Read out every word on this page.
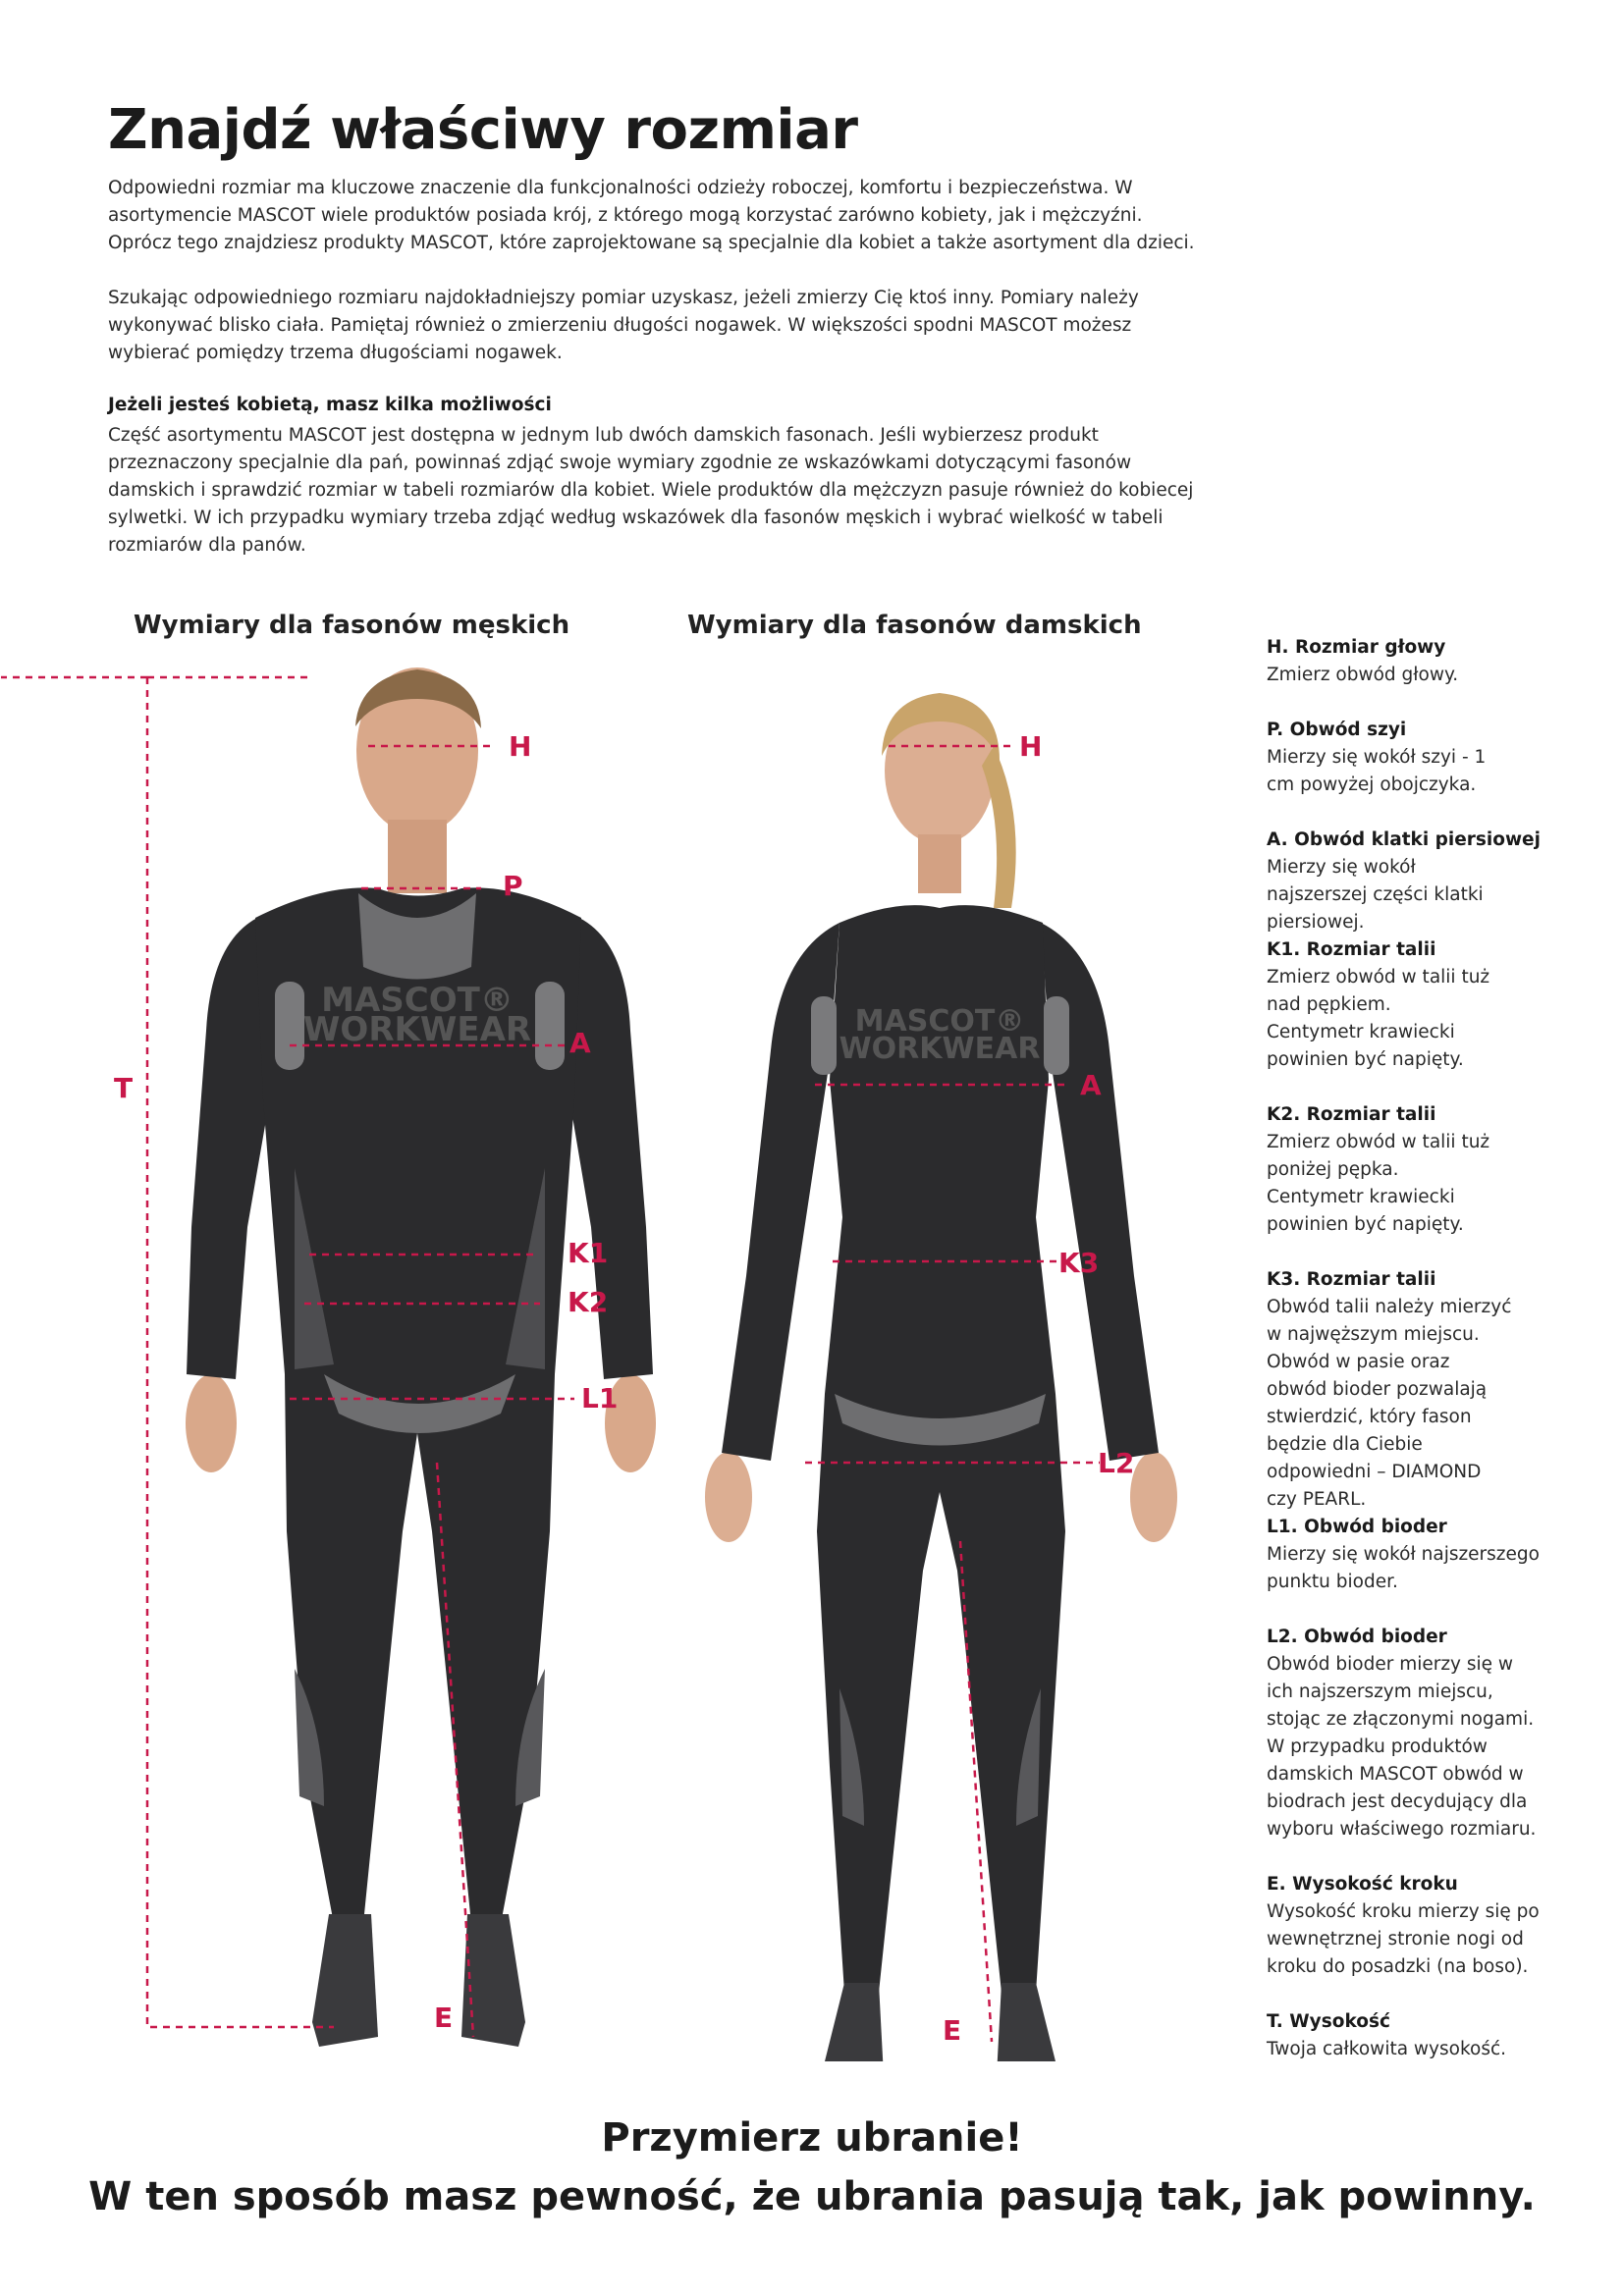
Znajdź właściwy rozmiar

Odpowiedni rozmiar ma kluczowe znaczenie dla funkcjonalności odzieży roboczej, komfortu i bezpieczeństwa. W asortymencie MASCOT wiele produktów posiada krój, z którego mogą korzystać zarówno kobiety, jak i mężczyźni. Oprócz tego znajdziesz produkty MASCOT, które zaprojektowane są specjalnie dla kobiet a także asortyment dla dzieci.

Szukając odpowiedniego rozmiaru najdokładniejszy pomiar uzyskasz, jeżeli zmierzy Cię ktoś inny. Pomiary należy wykonywać blisko ciała. Pamiętaj również o zmierzeniu długości nogawek. W większości spodni MASCOT możesz wybierać pomiędzy trzema długościami nogawek.

Jeżeli jesteś kobietą, masz kilka możliwości

Część asortymentu MASCOT jest dostępna w jednym lub dwóch damskich fasonach. Jeśli wybierzesz produkt przeznaczony specjalnie dla pań, powinnaś zdjąć swoje wymiary zgodnie ze wskazówkami dotyczącymi fasonów damskich i sprawdzić rozmiar w tabeli rozmiarów dla kobiet. Wiele produktów dla mężczyzn pasuje również do kobiecej sylwetki. W ich przypadku wymiary trzeba zdjąć według wskazówek dla fasonów męskich i wybrać wielkość w tabeli rozmiarów dla panów.

Wymiary dla fasonów męskich	Wymiary dla fasonów damskich
MASCOT®
WORKWEAR	MASCOT®
WORKWEAR
H
P
A
K1
K2
L1
E
T
H
A
K3
L2
E
H. Rozmiar głowy
Zmierz obwód głowy.
P. Obwód szyi
Mierzy się wokół szyi - 1 cm powyżej obojczyka.
A. Obwód klatki piersiowej
Mierzy się wokół najszerszej części klatki piersiowej.
K1. Rozmiar talii
Zmierz obwód w talii tuż nad pępkiem. Centymetr krawiecki powinien być napięty.
K2. Rozmiar talii
Zmierz obwód w talii tuż poniżej pępka. Centymetr krawiecki powinien być napięty.
K3. Rozmiar talii
Obwód talii należy mierzyć w najwęższym miejscu. Obwód w pasie oraz obwód bioder pozwalają stwierdzić, który fason będzie dla Ciebie odpowiedni – DIAMOND czy PEARL.
L1. Obwód bioder
Mierzy się wokół najszerszego punktu bioder.
L2. Obwód bioder
Obwód bioder mierzy się w ich najszerszym miejscu, stojąc ze złączonymi nogami. W przypadku produktów damskich MASCOT obwód w biodrach jest decydujący dla wyboru właściwego rozmiaru.
E. Wysokość kroku
Wysokość kroku mierzy się po wewnętrznej stronie nogi od kroku do posadzki (na boso).
T. Wysokość
Twoja całkowita wysokość.
Przymierz ubranie!
W ten sposób masz pewność, że ubrania pasują tak, jak powinny.
